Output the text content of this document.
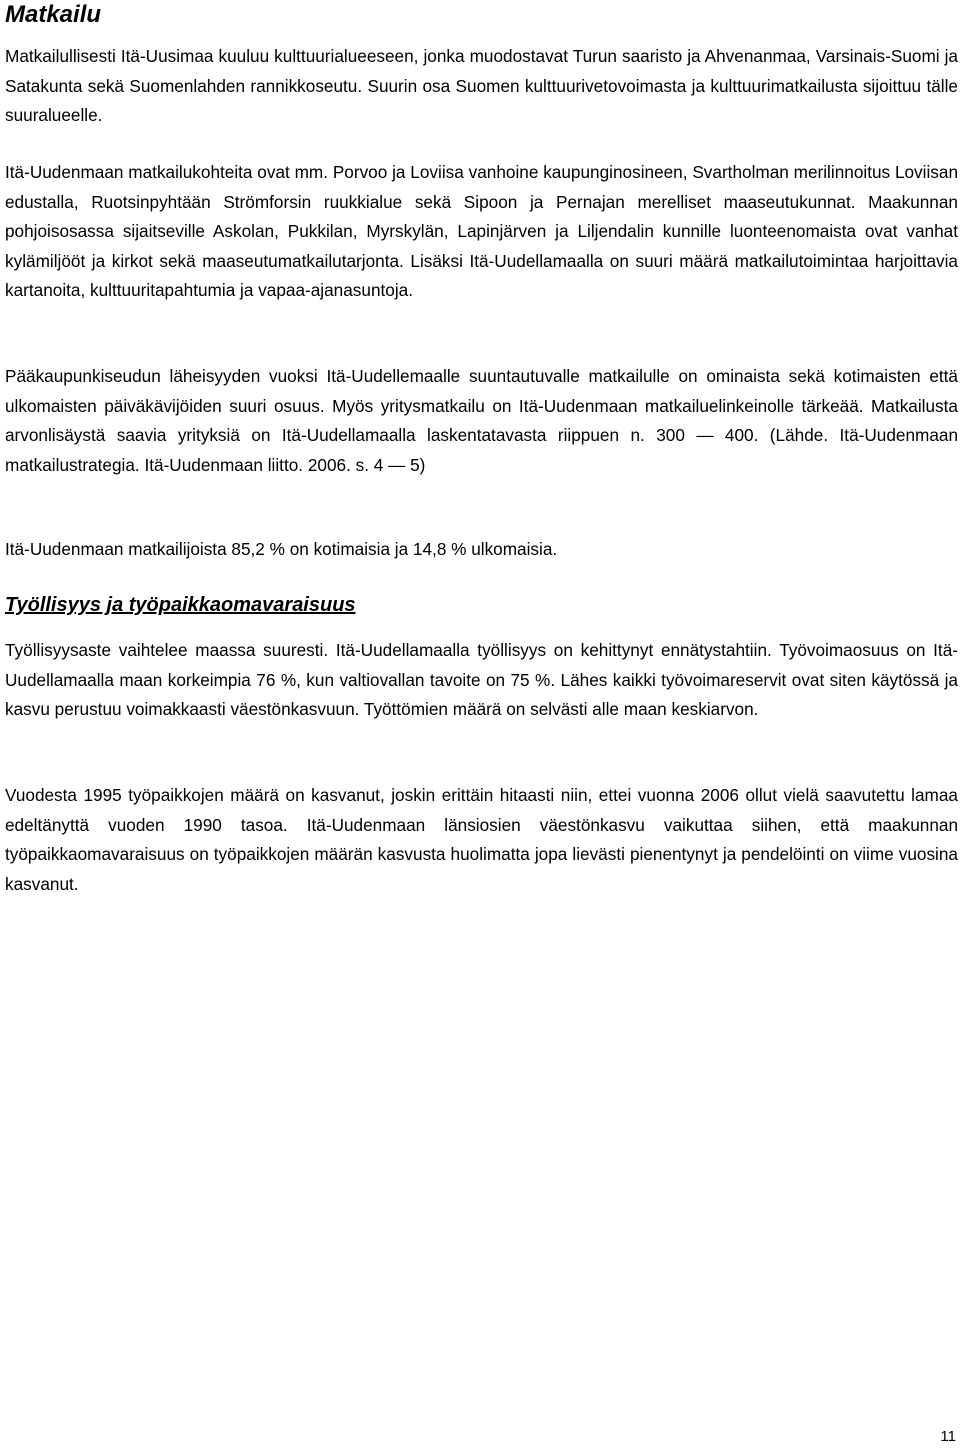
Matkailu

Matkailullisesti Itä-Uusimaa kuuluu kulttuurialueeseen, jonka muodostavat Turun saaristo ja Ahvenanmaa, Varsinais-Suomi ja Satakunta sekä Suomenlahden rannikkoseutu. Suurin osa Suomen kulttuurivetovoimasta ja kulttuurimatkailusta sijoittuu tälle suuralueelle.

Itä-Uudenmaan matkailukohteita ovat mm. Porvoo ja Loviisa vanhoine kaupunginosineen, Svartholman merilinnoitus Loviisan edustalla, Ruotsinpyhtään Strömforsin ruukkialue sekä Sipoon ja Pernajan merelliset maaseutukunnat. Maakunnan pohjoisosassa sijaitseville Askolan, Pukkilan, Myrskylän, Lapinjärven ja Liljendalin kunnille luonteenomaista ovat vanhat kylämiljööt ja kirkot sekä maaseutumatkailutarjonta. Lisäksi Itä-Uudellamaalla on suuri määrä matkailutoimintaa harjoittavia kartanoita, kulttuuritapahtumia ja vapaa-ajanasuntoja.

Pääkaupunkiseudun läheisyyden vuoksi Itä-Uudellemaalle suuntautuvalle matkailulle on ominaista sekä kotimaisten että ulkomaisten päiväkävijöiden suuri osuus. Myös yritysmatkailu on Itä-Uudenmaan matkailuelinkeinolle tärkeää. Matkailusta arvonlisäystä saavia yrityksiä on Itä-Uudellamaalla laskentatavasta riippuen n. 300 — 400. (Lähde. Itä-Uudenmaan matkailustrategia. Itä-Uudenmaan liitto. 2006. s. 4 — 5)

Itä-Uudenmaan matkailijoista 85,2 % on kotimaisia ja 14,8 % ulkomaisia.

Työllisyys ja työpaikkaomavaraisuus

Työllisyysaste vaihtelee maassa suuresti. Itä-Uudellamaalla työllisyys on kehittynyt ennätystahtiin. Työvoimaosuus on Itä-Uudellamaalla maan korkeimpia 76 %, kun valtiovallan tavoite on 75 %. Lähes kaikki työvoimareservit ovat siten käytössä ja kasvu perustuu voimakkaasti väestönkasvuun. Työttömien määrä on selvästi alle maan keskiarvon.

Vuodesta 1995 työpaikkojen määrä on kasvanut, joskin erittäin hitaasti niin, ettei vuonna 2006 ollut vielä saavutettu lamaa edeltänyttä vuoden 1990 tasoa. Itä-Uudenmaan länsiosien väestönkasvu vaikuttaa siihen, että maakunnan työpaikkaomavaraisuus on työpaikkojen määrän kasvusta huolimatta jopa lievästi pienentynyt ja pendelöinti on viime vuosina kasvanut.

11
